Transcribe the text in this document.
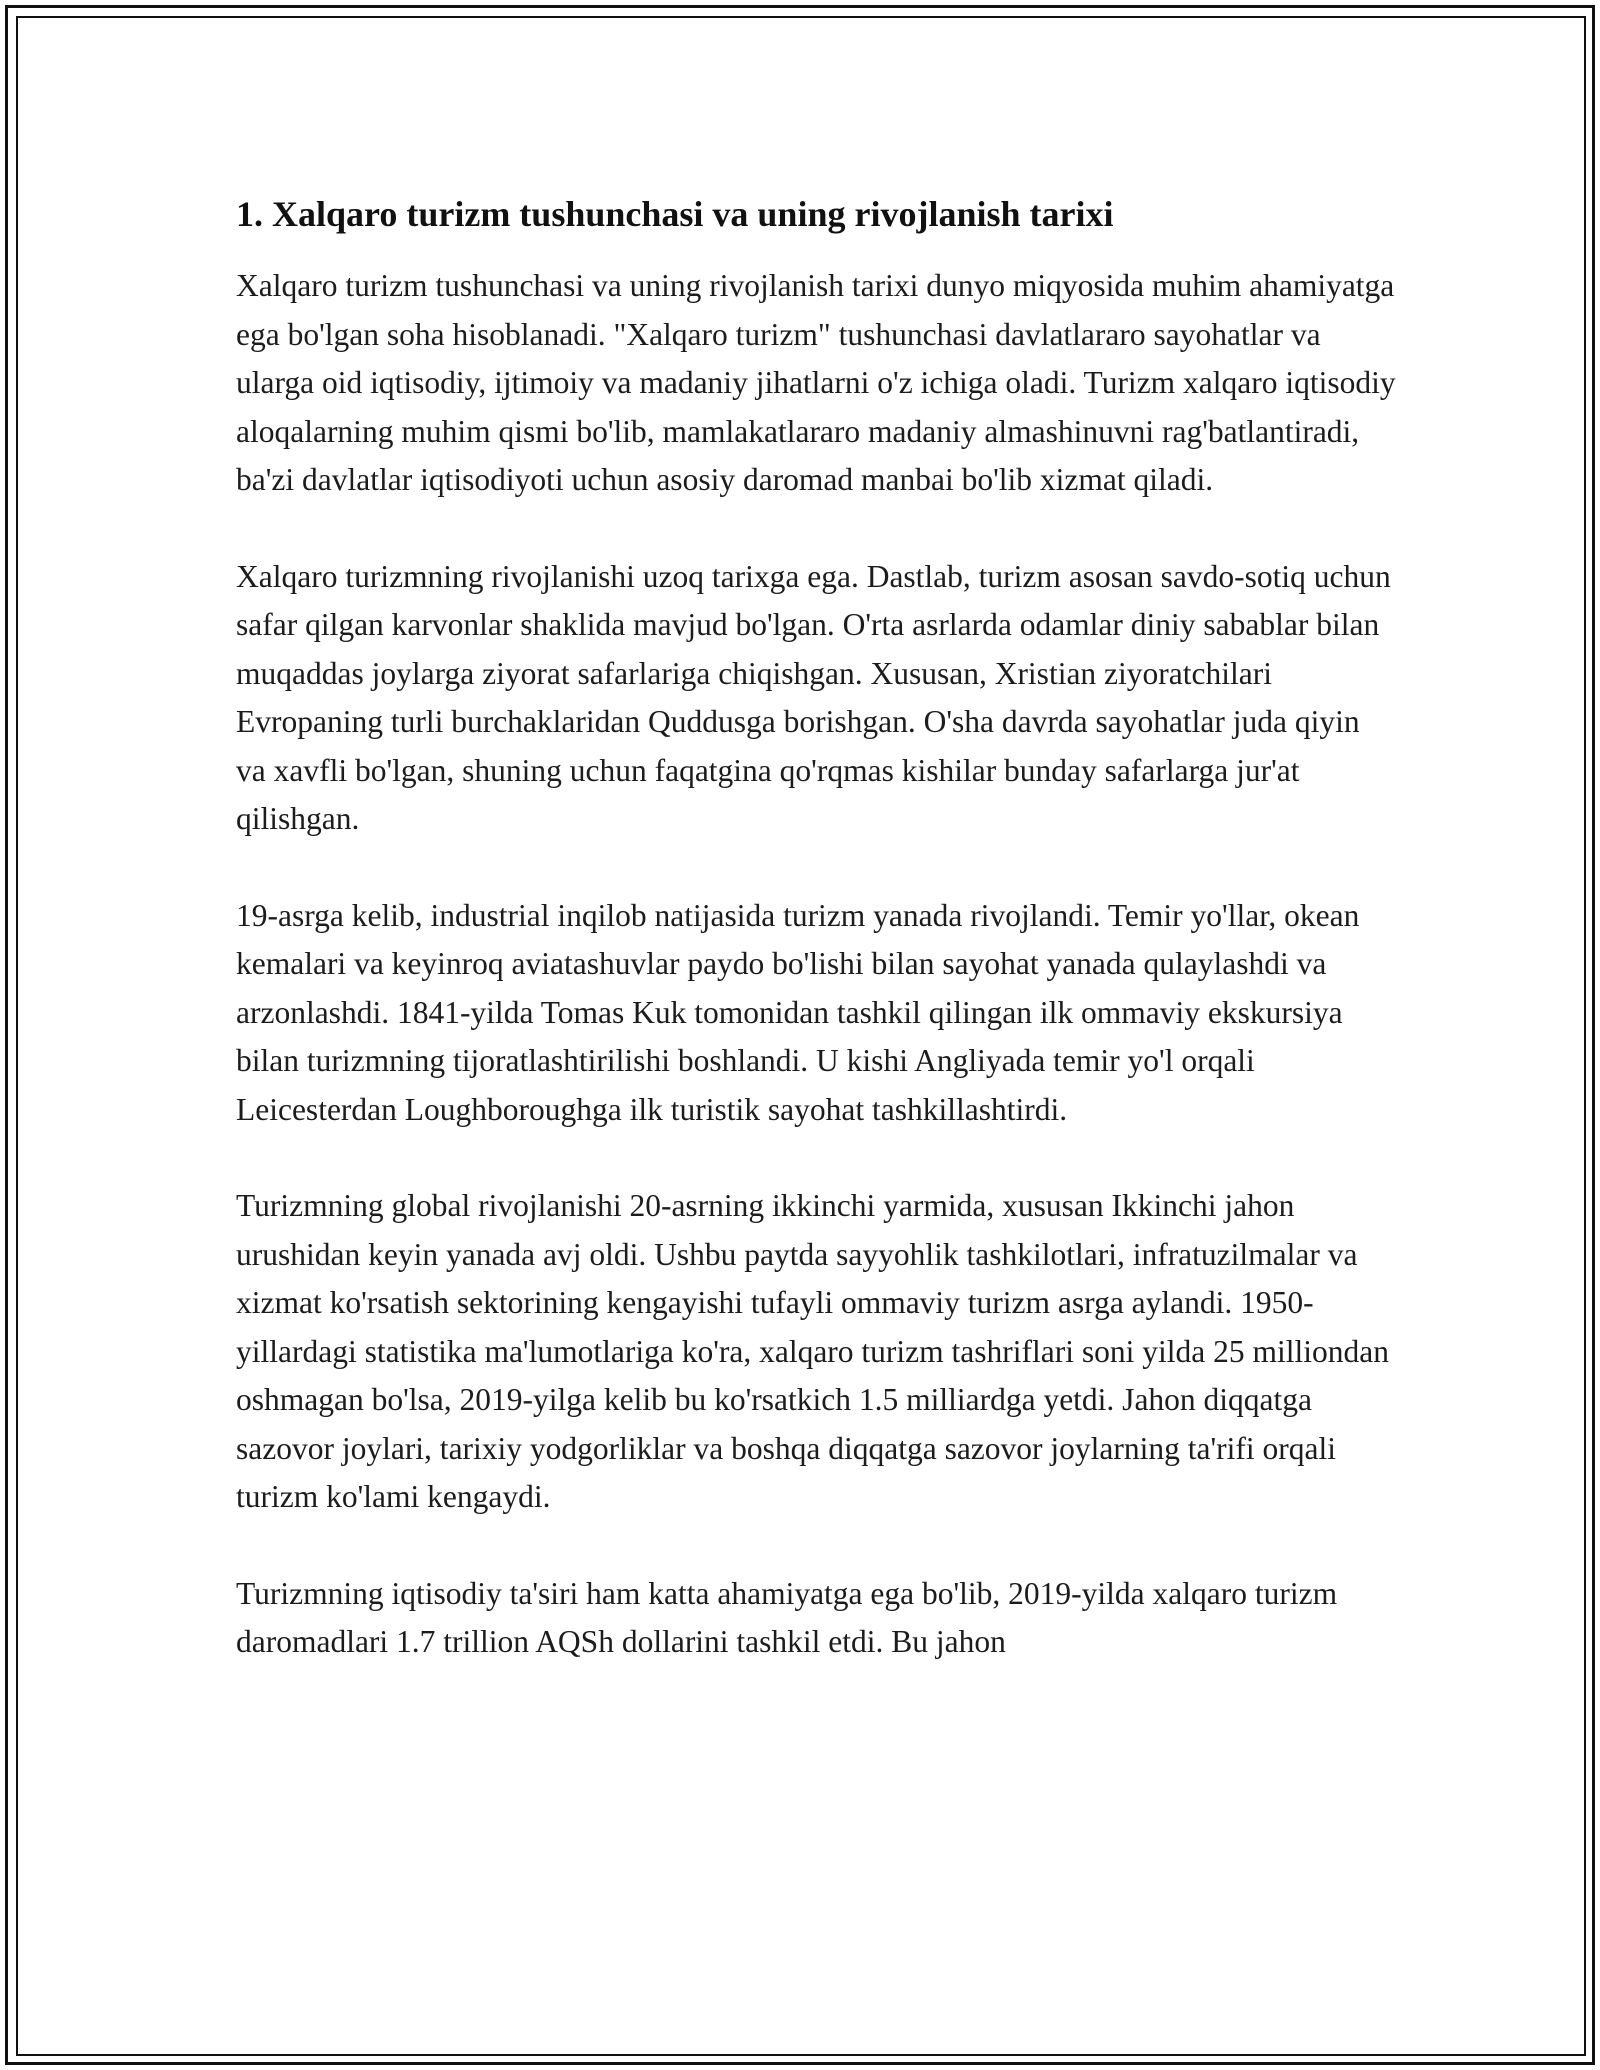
1. Xalqaro turizm tushunchasi va uning rivojlanish tarixi

Xalqaro turizm tushunchasi va uning rivojlanish tarixi dunyo miqyosida muhim ahamiyatga ega bo'lgan soha hisoblanadi. "Xalqaro turizm" tushunchasi davlatlararo sayohatlar va ularga oid iqtisodiy, ijtimoiy va madaniy jihatlarni o'z ichiga oladi. Turizm xalqaro iqtisodiy aloqalarning muhim qismi bo'lib, mamlakatlararo madaniy almashinuvni rag'batlantiradi, ba'zi davlatlar iqtisodiyoti uchun asosiy daromad manbai bo'lib xizmat qiladi.

Xalqaro turizmning rivojlanishi uzoq tarixga ega. Dastlab, turizm asosan savdo-sotiq uchun safar qilgan karvonlar shaklida mavjud bo'lgan. O'rta asrlarda odamlar diniy sabablar bilan muqaddas joylarga ziyorat safarlariga chiqishgan. Xususan, Xristian ziyoratchilari Evropaning turli burchaklaridan Quddusga borishgan. O'sha davrda sayohatlar juda qiyin va xavfli bo'lgan, shuning uchun faqatgina qo'rqmas kishilar bunday safarlarga jur'at qilishgan.

19-asrga kelib, industrial inqilob natijasida turizm yanada rivojlandi. Temir yo'llar, okean kemalari va keyinroq aviatashuvlar paydo bo'lishi bilan sayohat yanada qulaylashdi va arzonlashdi. 1841-yilda Tomas Kuk tomonidan tashkil qilingan ilk ommaviy ekskursiya bilan turizmning tijoratlashtirilishi boshlandi. U kishi Angliyada temir yo'l orqali Leicesterdan Loughboroughga ilk turistik sayohat tashkillashtirdi.

Turizmning global rivojlanishi 20-asrning ikkinchi yarmida, xususan Ikkinchi jahon urushidan keyin yanada avj oldi. Ushbu paytda sayyohlik tashkilotlari, infratuzilmalar va xizmat ko'rsatish sektorining kengayishi tufayli ommaviy turizm asrga aylandi. 1950-yillardagi statistika ma'lumotlariga ko'ra, xalqaro turizm tashriflari soni yilda 25 milliondan oshmagan bo'lsa, 2019-yilga kelib bu ko'rsatkich 1.5 milliardga yetdi. Jahon diqqatga sazovor joylari, tarixiy yodgorliklar va boshqa diqqatga sazovor joylarning ta'rifi orqali turizm ko'lami kengaydi.

Turizmning iqtisodiy ta'siri ham katta ahamiyatga ega bo'lib, 2019-yilda xalqaro turizm daromadlari 1.7 trillion AQSh dollarini tashkil etdi. Bu jahon
